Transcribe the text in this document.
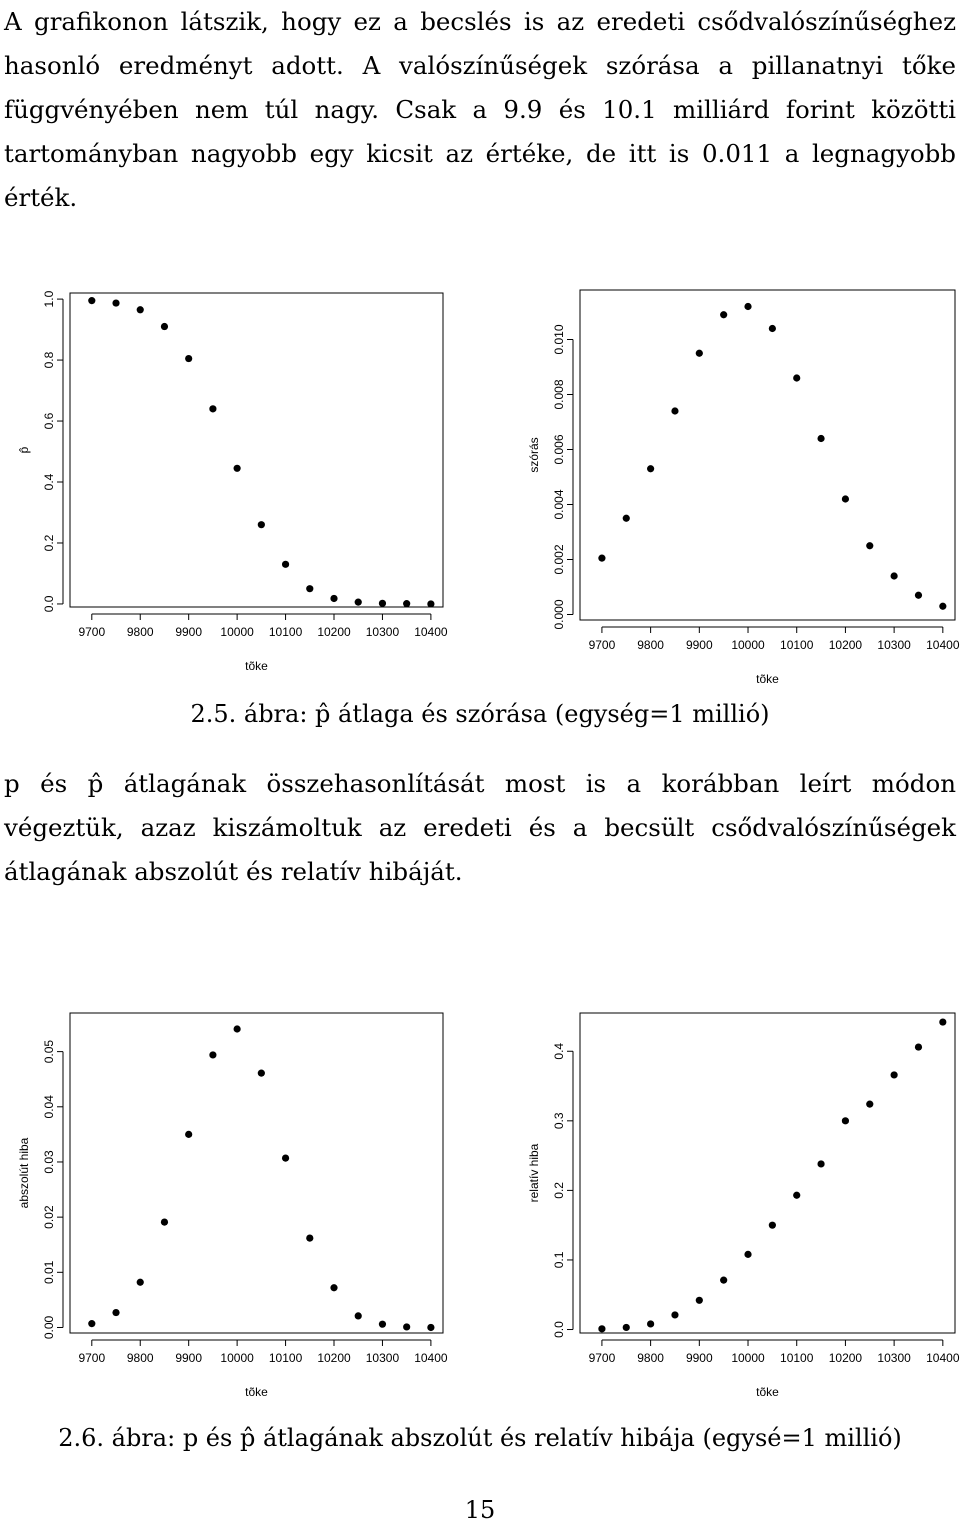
A grafikonon látszik, hogy ez a becslés is az eredeti csődvalószínűséghez hasonló eredményt adott. A valószínűségek szórása a pillanatnyi tőke függvényében nem túl nagy. Csak a 9.9 és 10.1 milliárd forint közötti tartományban nagyobb egy kicsit az értéke, de itt is 0.011 a legnagyobb érték.

9700 9800 9900 10000 10100 10200 10300 10400
tõke
0.0
0.2
0.4
0.6
0.8
1.0
p̂
9700 9800 9900 10000 10100 10200 10300 10400
tõke
0.000
0.002
0.004
0.006
0.008
0.010
szórás
9700 9800 9900 10000 10100 10200 10300 10400
tõke
0.00
0.01
0.02
0.03
0.04
0.05
abszolút hiba
9700 9800 9900 10000 10100 10200 10300 10400
tõke
0.0
0.1
0.2
0.3
0.4
relatív hiba

2.5. ábra: p̂ átlaga és szórása (egység=1 millió)

p és p̂ átlagának összehasonlítását most is a korábban leírt módon végeztük, azaz kiszámoltuk az eredeti és a becsült csődvalószínűségek átlagának abszolút és relatív hibáját.

2.6. ábra: p és p̂ átlagának abszolút és relatív hibája (egysé=1 millió)

15
